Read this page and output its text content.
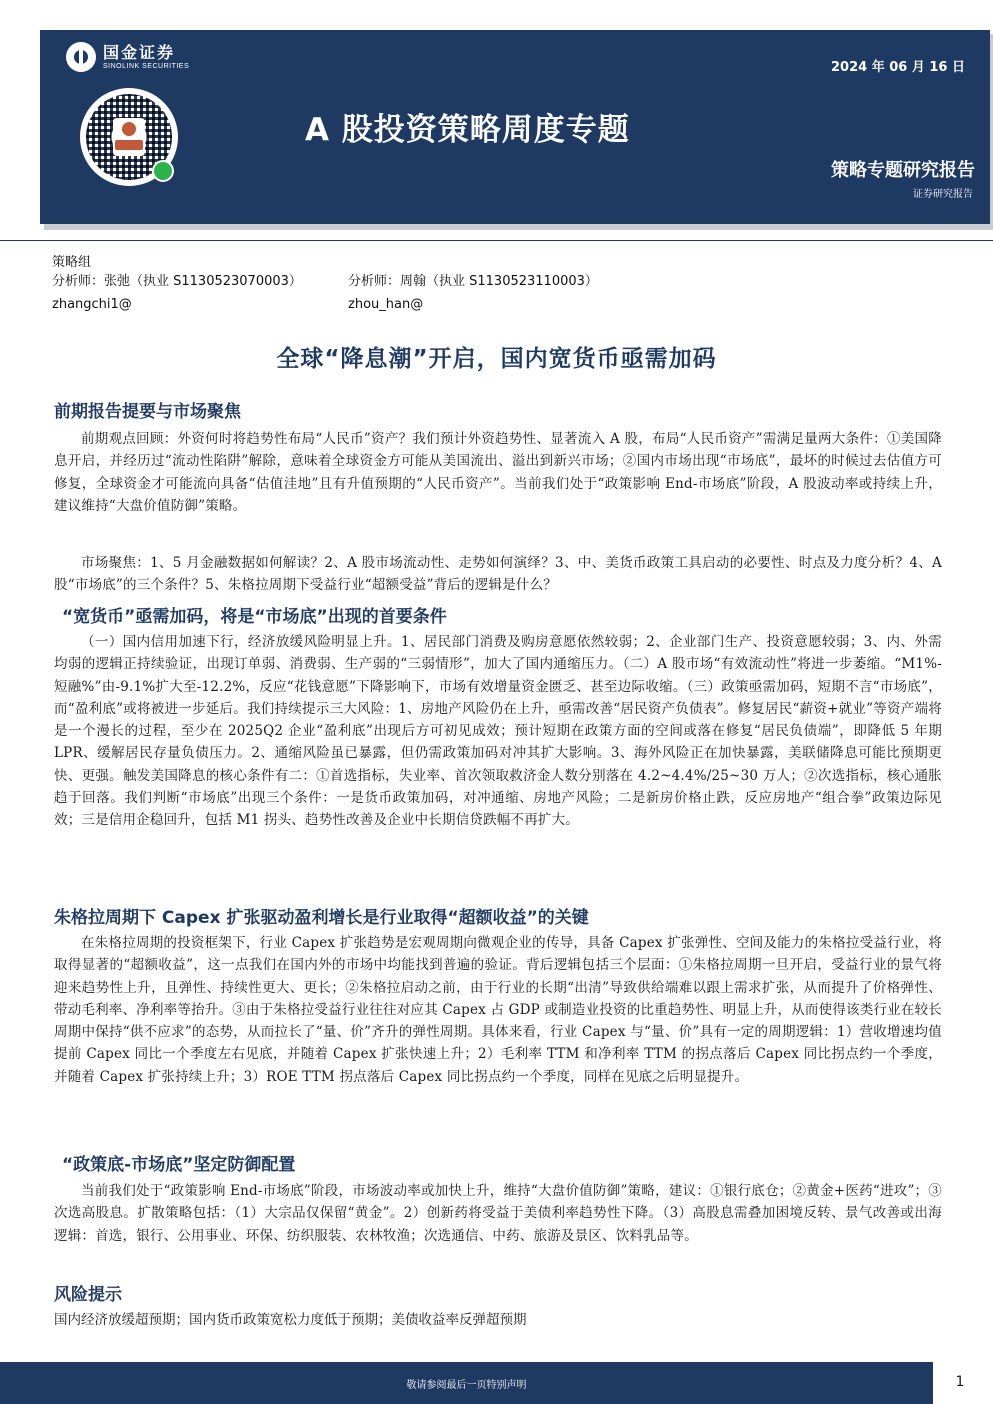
国金证券
SINOLINK SECURITIES	2024 年 06 月 16 日
A 股投资策略周度专题
策略专题研究报告
证券研究报告
策略组
分析师：张弛（执业 S1130523070003）
zhangchi1@
分析师：周翰（执业 S1130523110003）
zhou_han@
全球“降息潮”开启，国内宽货币亟需加码
前期报告提要与市场聚焦

前期观点回顾：外资何时将趋势性布局“人民币”资产？我们预计外资趋势性、显著流入 A 股，布局“人民币资产”需满足量两大条件：①美国降息开启，并经历过“流动性陷阱”解除，意味着全球资金方可能从美国流出、溢出到新兴市场；②国内市场出现“市场底”，最坏的时候过去估值方可修复，全球资金才可能流向具备“估值洼地”且有升值预期的“人民币资产”。当前我们处于“政策影响 End-市场底”阶段，A 股波动率或持续上升，建议维持“大盘价值防御”策略。

市场聚焦：1、5 月金融数据如何解读？2、A 股市场流动性、走势如何演绎？3、中、美货币政策工具启动的必要性、时点及力度分析？4、A 股“市场底”的三个条件？5、朱格拉周期下受益行业“超额受益”背后的逻辑是什么？

“宽货币”亟需加码，将是“市场底”出现的首要条件

（一）国内信用加速下行，经济放缓风险明显上升。1、居民部门消费及购房意愿依然较弱；2、企业部门生产、投资意愿较弱；3、内、外需均弱的逻辑正持续验证，出现订单弱、消费弱、生产弱的“三弱情形”，加大了国内通缩压力。（二）A 股市场“有效流动性”将进一步萎缩。“M1%-短融%”由-9.1%扩大至-12.2%，反应“花钱意愿”下降影响下，市场有效增量资金匮乏、甚至边际收缩。（三）政策亟需加码，短期不言“市场底”，而“盈利底”或将被进一步延后。我们持续提示三大风险：1、房地产风险仍在上升，亟需改善“居民资产负债表”。修复居民“薪资+就业”等资产端将是一个漫长的过程，至少在 2025Q2 企业“盈利底”出现后方可初见成效；预计短期在政策方面的空间或落在修复“居民负债端”，即降低 5 年期 LPR、缓解居民存量负债压力。2、通缩风险虽已暴露，但仍需政策加码对冲其扩大影响。3、海外风险正在加快暴露，美联储降息可能比预期更快、更强。触发美国降息的核心条件有二：①首选指标，失业率、首次领取救济金人数分别落在 4.2~4.4%/25~30 万人；②次选指标，核心通胀趋于回落。我们判断“市场底”出现三个条件：一是货币政策加码，对冲通缩、房地产风险；二是新房价格止跌，反应房地产“组合拳”政策边际见效；三是信用企稳回升，包括 M1 拐头、趋势性改善及企业中长期信贷跌幅不再扩大。

朱格拉周期下 Capex 扩张驱动盈利增长是行业取得“超额收益”的关键

在朱格拉周期的投资框架下，行业 Capex 扩张趋势是宏观周期向微观企业的传导，具备 Capex 扩张弹性、空间及能力的朱格拉受益行业，将取得显著的“超额收益”，这一点我们在国内外的市场中均能找到普遍的验证。背后逻辑包括三个层面：①朱格拉周期一旦开启，受益行业的景气将迎来趋势性上升，且弹性、持续性更大、更长；②朱格拉启动之前，由于行业的长期“出清”导致供给端难以跟上需求扩张，从而提升了价格弹性、带动毛利率、净利率等抬升。③由于朱格拉受益行业往往对应其 Capex 占 GDP 或制造业投资的比重趋势性、明显上升，从而使得该类行业在较长周期中保持“供不应求”的态势，从而拉长了“量、价”齐升的弹性周期。具体来看，行业 Capex 与“量、价”具有一定的周期逻辑：1）营收增速均值提前 Capex 同比一个季度左右见底，并随着 Capex 扩张快速上升；2）毛利率 TTM 和净利率 TTM 的拐点落后 Capex 同比拐点约一个季度，并随着 Capex 扩张持续上升；3）ROE TTM 拐点落后 Capex 同比拐点约一个季度，同样在见底之后明显提升。

“政策底-市场底”坚定防御配置

当前我们处于“政策影响 End-市场底”阶段，市场波动率或加快上升，维持“大盘价值防御”策略，建议：①银行底仓；②黄金+医药“进攻”；③次选高股息。扩散策略包括：（1）大宗品仅保留“黄金”。2）创新药将受益于美债利率趋势性下降。（3）高股息需叠加困境反转、景气改善或出海逻辑：首选，银行、公用事业、环保、纺织服装、农林牧渔；次选通信、中药、旅游及景区、饮料乳品等。

风险提示

国内经济放缓超预期；国内货币政策宽松力度低于预期；美债收益率反弹超预期

敬请参阅最后一页特别声明	1
